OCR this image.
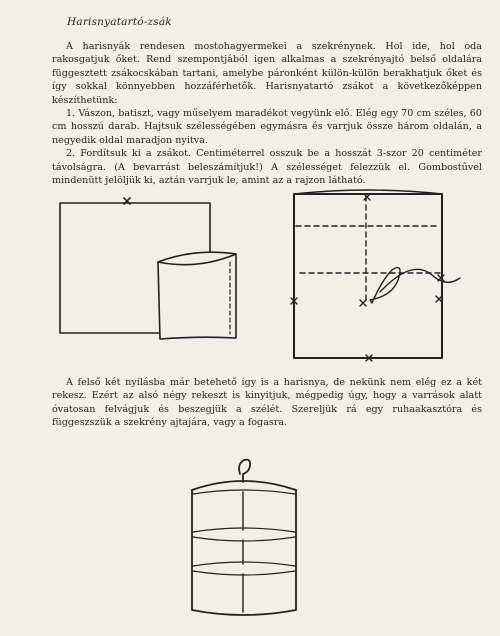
Harisnyatartó-zsák

A harisnyák rendesen mostohagyermekei a szekrénynek. Hol ide, hol oda rakosgatjuk őket. Rend szempontjából igen alkalmas a szekrényajtó belső oldalára függesztett zsákocskában tartani, amelybe páronként külön-külön berakhatjuk őket és így sokkal könnyebben hozzáférhetők. Harisnyatartó zsákot a következőképpen készíthetünk:

1. Vászon, batiszt, vagy műselyem maradékot vegyünk elő. Elég egy 70 cm széles, 60 cm hosszú darab. Hajtsuk szélességében egymásra és varrjuk össze három oldalán, a negyedik oldal maradjon nyitva.

2. Fordítsuk ki a zsákot. Centiméterrel osszuk be a hosszát 3-szor 20 centiméter távolságra. (A bevarrást beleszámítjuk!) A szélességet felezzük el. Gombostűvel mindenütt jelöljük ki, aztán varrjuk le, amint az a rajzon látható.

A felső két nyílásba már betehető így is a harisnya, de nekünk nem elég ez a két rekesz. Ezért az alsó négy rekeszt is kinyitjuk, mégpedig úgy, hogy a varrások alatt óvatosan felvágjuk és beszegjük a szélét. Szereljük rá egy ruhaakasztóra és függeszszük a szekrény ajtajára, vagy a fogasra.
